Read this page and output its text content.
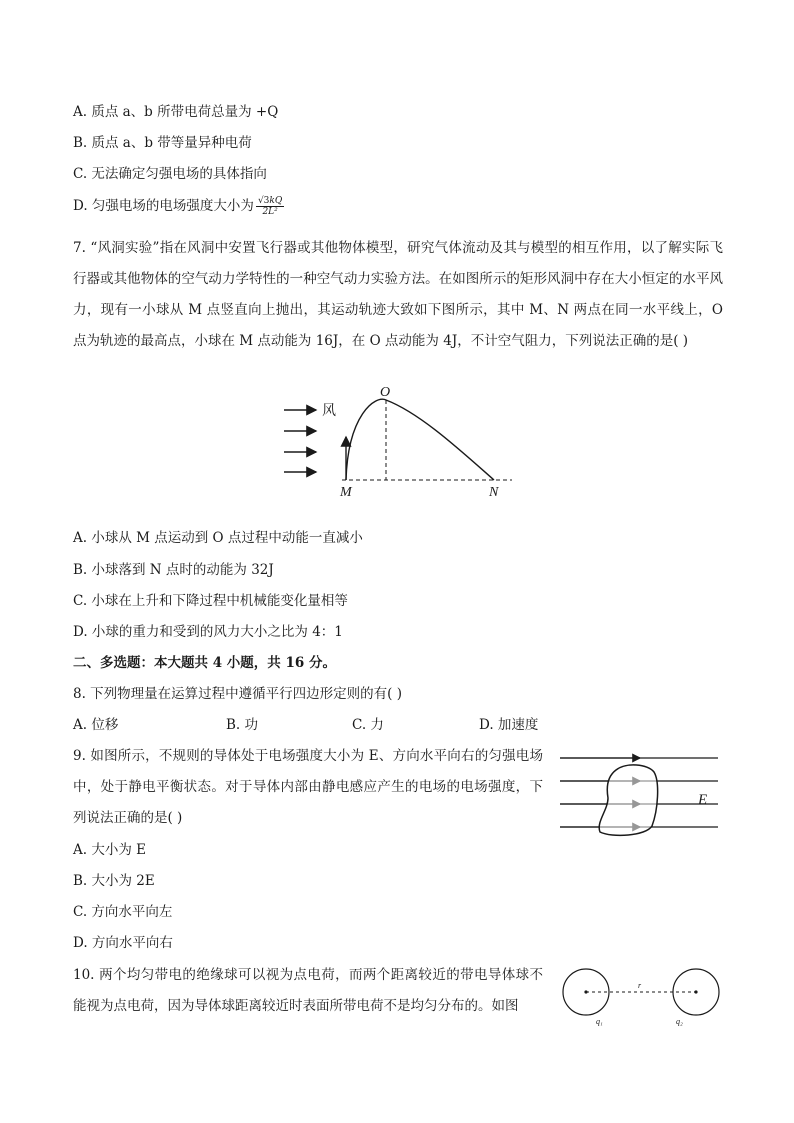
A. 质点 a、b 所带电荷总量为 +Q
B. 质点 a、b 带等量异种电荷
C. 无法确定匀强电场的具体指向
D. 匀强电场的电场强度大小为 $\frac{√3kQ}{\text{2L²}}$
7. “风洞实验”指在风洞中安置飞行器或其他物体模型，研究气体流动及其与模型的相互作用，以了解实际飞行器或其他物体的空气动力学特性的一种空气动力实验方法。在如图所示的矩形风洞中存在大小恒定的水平风力，现有一小球从 M 点竖直向上抛出，其运动轨迹大致如下图所示，其中 M、N 两点在同一水平线上，O 点为轨迹的最高点，小球在 M 点动能为 16J，在 O 点动能为 4J，不计空气阻力，下列说法正确的是( )
风
O
M	N
A. 小球从 M 点运动到 O 点过程中动能一直减小
B. 小球落到 N 点时的动能为 32J
C. 小球在上升和下降过程中机械能变化量相等
D. 小球的重力和受到的风力大小之比为 4：1
二、多选题：本大题共 4 小题，共 16 分。
8. 下列物理量在运算过程中遵循平行四边形定则的有( )
A. 位移	B. 功	C. 力	D. 加速度
9. 如图所示，不规则的导体处于电场强度大小为 E、方向水平向右的匀强电场中，处于静电平衡状态。对于导体内部由静电感应产生的电场的电场强度，下列说法正确的是( )
E
A. 大小为 E
B. 大小为 2E
C. 方向水平向左
D. 方向水平向右
10. 两个均匀带电的绝缘球可以视为点电荷，而两个距离较近的带电导体球不能视为点电荷，因为导体球距离较近时表面所带电荷不是均匀分布的。如图
r
q₁	q₂
